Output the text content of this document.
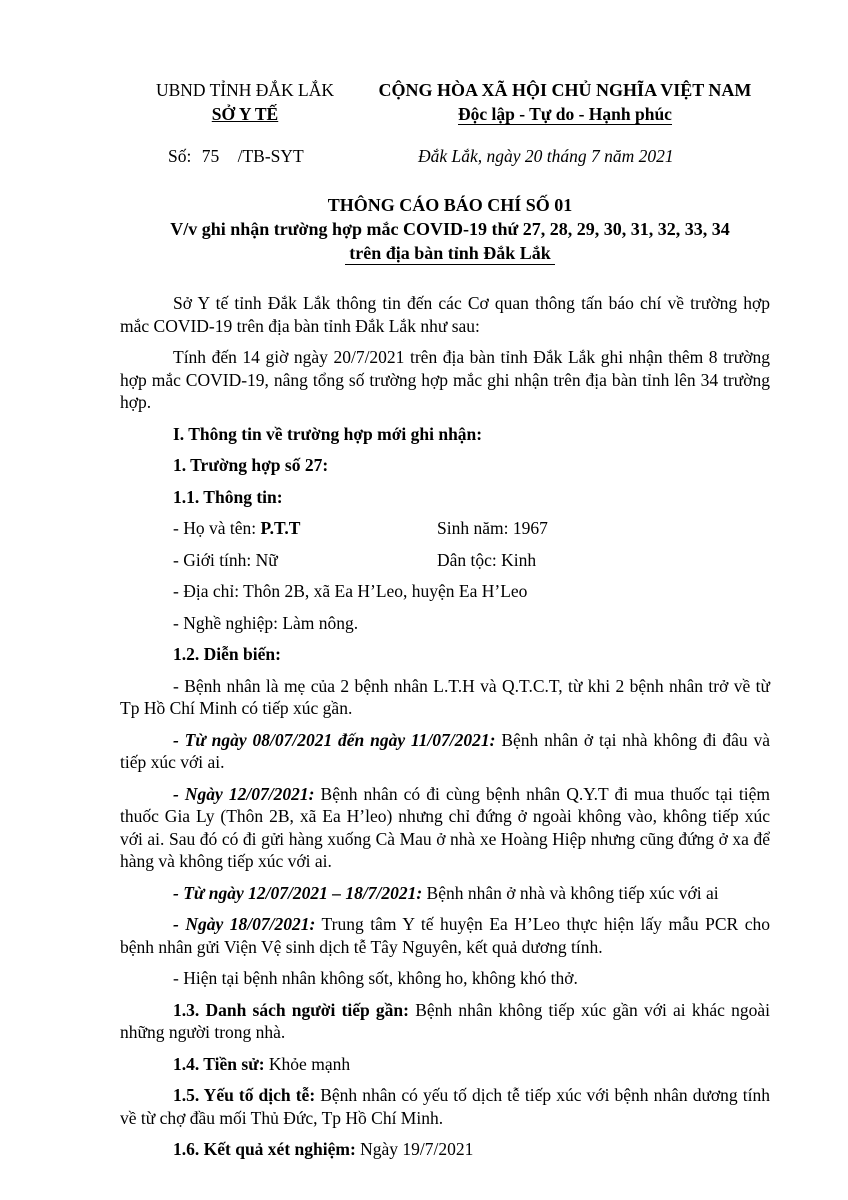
UBND TỈNH ĐẮK LẮK
SỞ Y TẾ
CỘNG HÒA XÃ HỘI CHỦ NGHĨA VIỆT NAM
Độc lập - Tự do - Hạnh phúc
Số: 75 /TB-SYT	Đắk Lắk, ngày 20 tháng 7 năm 2021
THÔNG CÁO BÁO CHÍ SỐ 01
V/v ghi nhận trường hợp mắc COVID-19 thứ 27, 28, 29, 30, 31, 32, 33, 34
trên địa bàn tỉnh Đắk Lắk

Sở Y tế tỉnh Đắk Lắk thông tin đến các Cơ quan thông tấn báo chí về trường hợp mắc COVID-19 trên địa bàn tỉnh Đắk Lắk như sau:

Tính đến 14 giờ ngày 20/7/2021 trên địa bàn tỉnh Đắk Lắk ghi nhận thêm 8 trường hợp mắc COVID-19, nâng tổng số trường hợp mắc ghi nhận trên địa bàn tỉnh lên 34 trường hợp.

I. Thông tin về trường hợp mới ghi nhận:

1. Trường hợp số 27:

1.1. Thông tin:

- Họ và tên: P.T.T	Sinh năm: 1967
- Giới tính: Nữ	Dân tộc: Kinh
- Địa chỉ: Thôn 2B, xã Ea H’Leo, huyện Ea H’Leo
- Nghề nghiệp: Làm nông.

1.2. Diễn biến:

- Bệnh nhân là mẹ của 2 bệnh nhân L.T.H và Q.T.C.T, từ khi 2 bệnh nhân trở về từ Tp Hồ Chí Minh có tiếp xúc gần.

- Từ ngày 08/07/2021 đến ngày 11/07/2021: Bệnh nhân ở tại nhà không đi đâu và tiếp xúc với ai.

- Ngày 12/07/2021: Bệnh nhân có đi cùng bệnh nhân Q.Y.T đi mua thuốc tại tiệm thuốc Gia Ly (Thôn 2B, xã Ea H’leo) nhưng chỉ đứng ở ngoài không vào, không tiếp xúc với ai. Sau đó có đi gửi hàng xuống Cà Mau ở nhà xe Hoàng Hiệp nhưng cũng đứng ở xa để hàng và không tiếp xúc với ai.

- Từ ngày 12/07/2021 – 18/7/2021: Bệnh nhân ở nhà và không tiếp xúc với ai

- Ngày 18/07/2021: Trung tâm Y tế huyện Ea H’Leo thực hiện lấy mẫu PCR cho bệnh nhân gửi Viện Vệ sinh dịch tễ Tây Nguyên, kết quả dương tính.

- Hiện tại bệnh nhân không sốt, không ho, không khó thở.

1.3. Danh sách người tiếp gần: Bệnh nhân không tiếp xúc gần với ai khác ngoài những người trong nhà.

1.4. Tiền sử: Khỏe mạnh

1.5. Yếu tố dịch tễ: Bệnh nhân có yếu tố dịch tễ tiếp xúc với bệnh nhân dương tính về từ chợ đầu mối Thủ Đức, Tp Hồ Chí Minh.

1.6. Kết quả xét nghiệm: Ngày 19/7/2021
